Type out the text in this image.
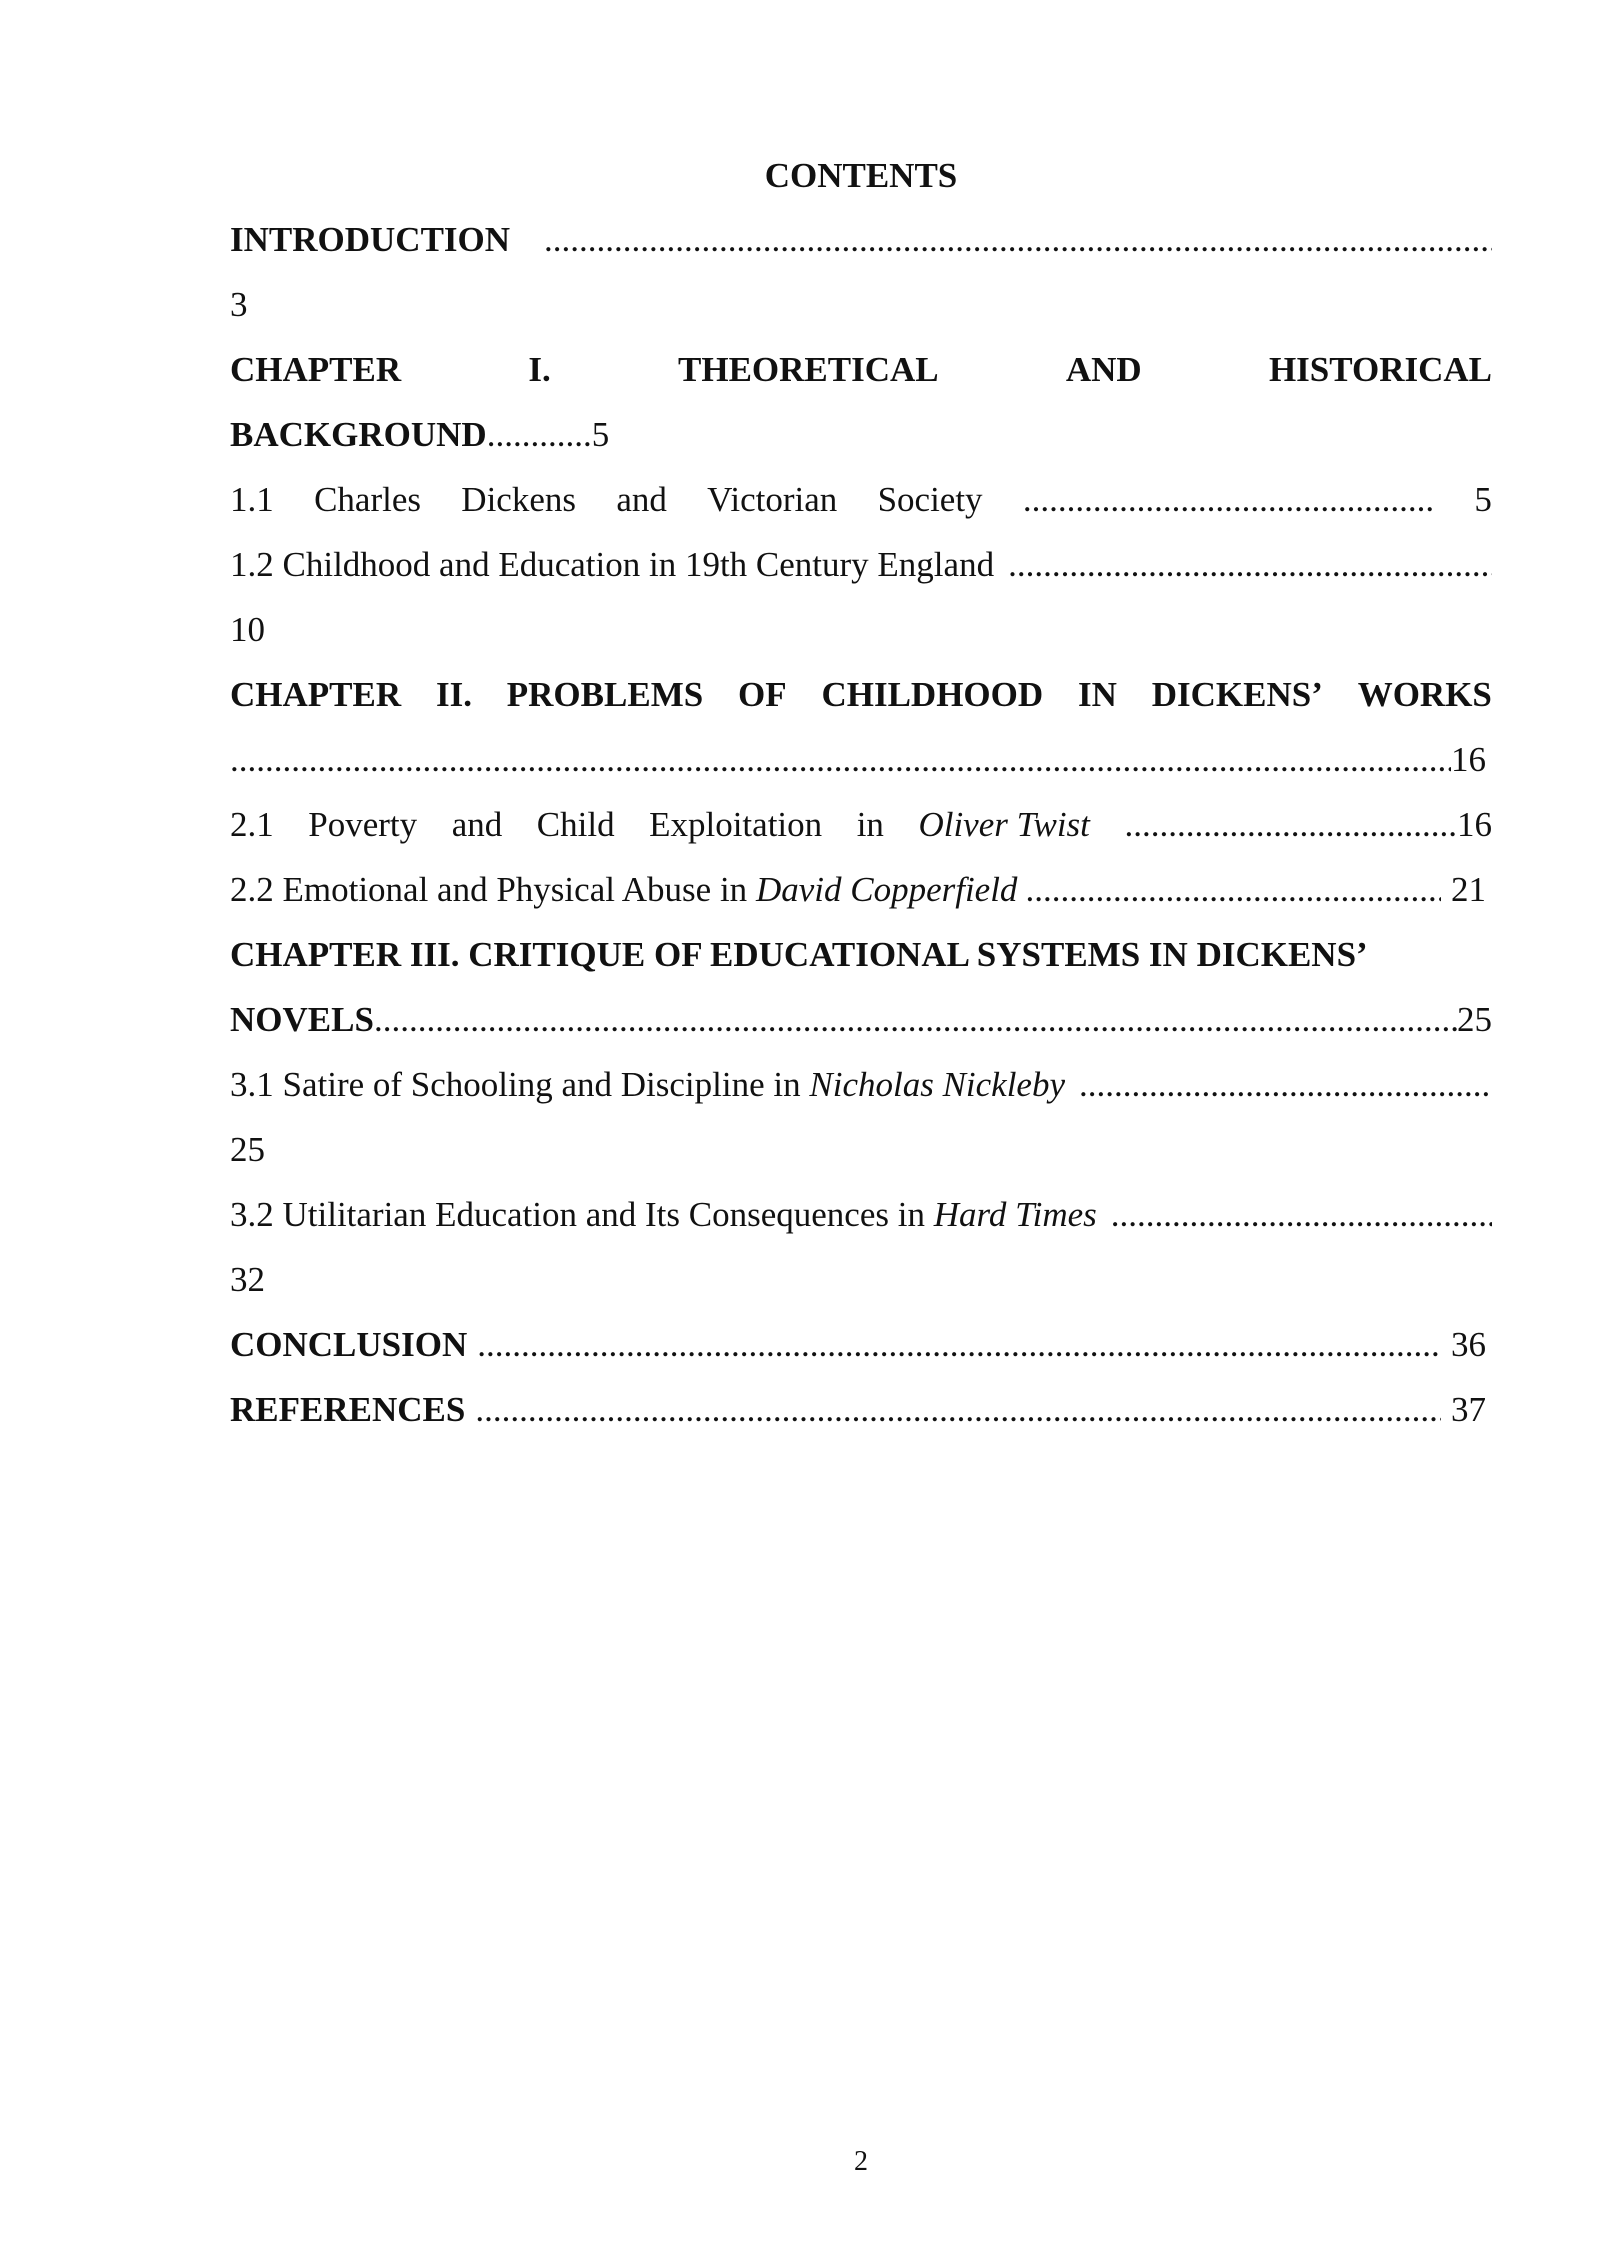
CONTENTS
INTRODUCTION
.....
3
CHAPTER	I.	THEORETICAL	AND	HISTORICAL
BACKGROUND............5
1.1 Charles Dickens and Victorian Society ............................................... 5
1.2 Childhood and Education in 19th Century England
.....
10
CHAPTER II. PROBLEMS OF CHILDHOOD IN DICKENS’ WORKS
.....
16
2.1 Poverty and Child Exploitation in Oliver Twist ......................................16
2.2 Emotional and Physical Abuse in David Copperfield .....	21
CHAPTER III. CRITIQUE OF EDUCATIONAL SYSTEMS IN DICKENS’
NOVELS .....	25
3.1 Satire of Schooling and Discipline in Nicholas Nickleby
.....
25
3.2 Utilitarian Education and Its Consequences in Hard Times
.....
32
CONCLUSION .....	36
REFERENCES .....	37
2
